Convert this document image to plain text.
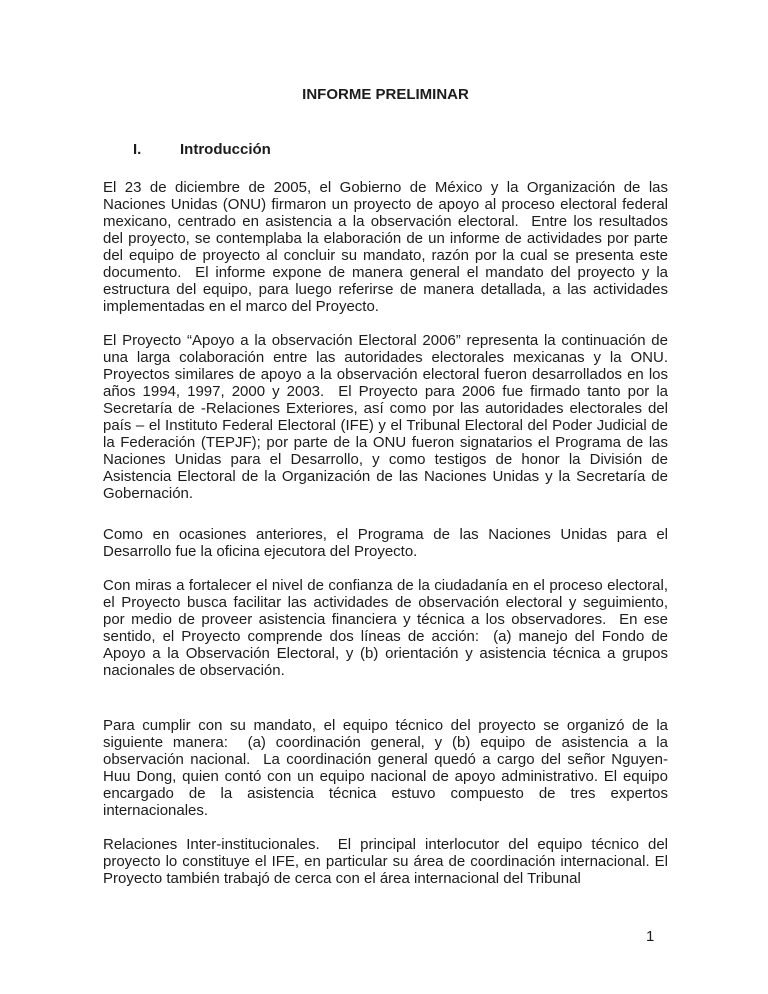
INFORME PRELIMINAR
I.	Introducción

El 23 de diciembre de 2005, el Gobierno de México y la Organización de las Naciones Unidas (ONU) firmaron un proyecto de apoyo al proceso electoral federal mexicano, centrado en asistencia a la observación electoral.  Entre los resultados del proyecto, se contemplaba la elaboración de un informe de actividades por parte del equipo de proyecto al concluir su mandato, razón por la cual se presenta este documento.  El informe expone de manera general el mandato del proyecto y la estructura del equipo, para luego referirse de manera detallada, a las actividades implementadas en el marco del Proyecto.

El Proyecto “Apoyo a la observación Electoral 2006” representa la continuación de una larga colaboración entre las autoridades electorales mexicanas y la ONU. Proyectos similares de apoyo a la observación electoral fueron desarrollados en los años 1994, 1997, 2000 y 2003.  El Proyecto para 2006 fue firmado tanto por la Secretaría de -Relaciones Exteriores, así como por las autoridades electorales del país – el Instituto Federal Electoral (IFE) y el Tribunal Electoral del Poder Judicial de la Federación (TEPJF); por parte de la ONU fueron signatarios el Programa de las Naciones Unidas para el Desarrollo, y como testigos de honor la División de Asistencia Electoral de la Organización de las Naciones Unidas y la Secretaría de Gobernación.

Como en ocasiones anteriores, el Programa de las Naciones Unidas para el Desarrollo fue la oficina ejecutora del Proyecto.

Con miras a fortalecer el nivel de confianza de la ciudadanía en el proceso electoral, el Proyecto busca facilitar las actividades de observación electoral y seguimiento, por medio de proveer asistencia financiera y técnica a los observadores.  En ese sentido, el Proyecto comprende dos líneas de acción:  (a) manejo del Fondo de Apoyo a la Observación Electoral, y (b) orientación y asistencia técnica a grupos nacionales de observación.

Para cumplir con su mandato, el equipo técnico del proyecto se organizó de la siguiente manera:  (a) coordinación general, y (b) equipo de asistencia a la observación nacional.  La coordinación general quedó a cargo del señor Nguyen-Huu Dong, quien contó con un equipo nacional de apoyo administrativo. El equipo encargado de la asistencia técnica estuvo compuesto de tres expertos internacionales.

Relaciones Inter-institucionales.  El principal interlocutor del equipo técnico del proyecto lo constituye el IFE, en particular su área de coordinación internacional. El Proyecto también trabajó de cerca con el área internacional del Tribunal

1
